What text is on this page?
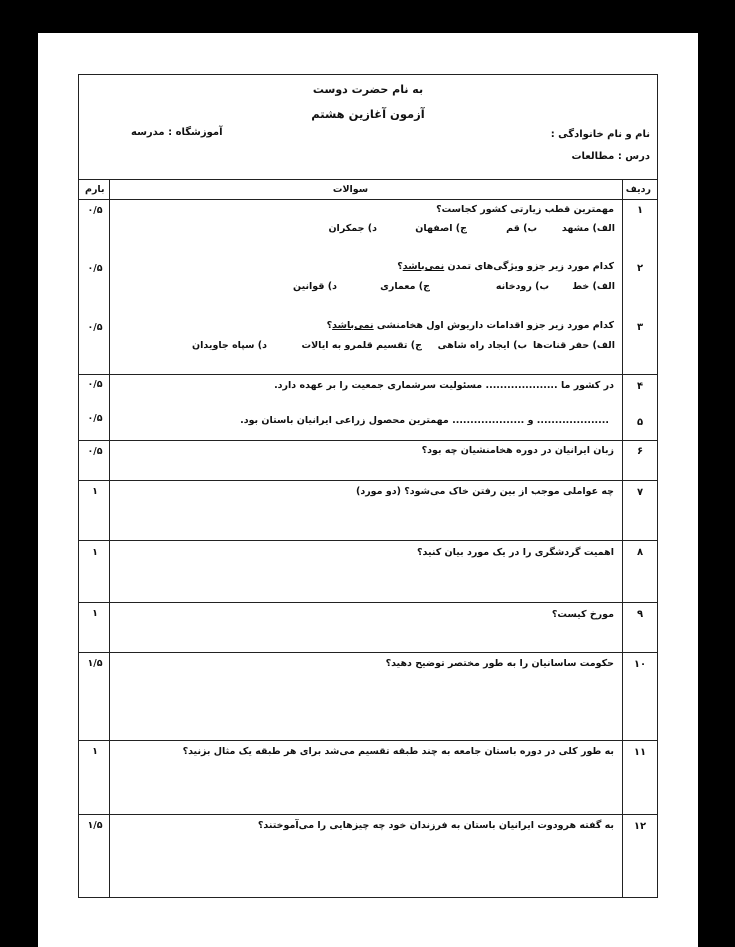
به نام حضرت دوست
آزمون آغازین هشتم
نام و نام خانوادگی :
آموزشگاه : مدرسه
درس : مطالعات
ردیف
سوالات
بارم
۱
۰/۵	مهمترین قطب زیارتی کشور کجاست؟
الف) مشهد
ب) قم
ج) اصفهان
د) جمکران
۲
۰/۵	کدام مورد زیر جزو ویژگی‌های تمدن نمی‌باشد؟
الف) خط
ب) رودخانه
ج) معماری
د) قوانین
۳
۰/۵	کدام مورد زیر جزو اقدامات داریوش اول هخامنشی نمی‌باشد؟
الف) حفر قنات‌ها
ب) ایجاد راه شاهی
ج) تقسیم قلمرو به ایالات
د) سپاه جاویدان
۴
۰/۵	در کشور ما .................... مسئولیت سرشماری جمعیت را بر عهده دارد.
۵
۰/۵	.................... و .................... مهمترین محصول زراعی ایرانیان باستان بود.
۶
۰/۵	زبان ایرانیان در دوره هخامنشیان چه بود؟
۷
۱	چه عواملی موجب از بین رفتن خاک می‌شود؟ (دو مورد)
۸
۱	اهمیت گردشگری را در یک مورد بیان کنید؟
۹
۱	مورخ کیست؟
۱۰
۱/۵	حکومت ساسانیان را به طور مختصر توضیح دهید؟
۱۱
۱	به طور کلی در دوره باستان جامعه به چند طبقه تقسیم می‌شد برای هر طبقه یک مثال بزنید؟
۱۲
۱/۵	به گفته هرودوت ایرانیان باستان به فرزندان خود چه چیزهایی را می‌آموختند؟
